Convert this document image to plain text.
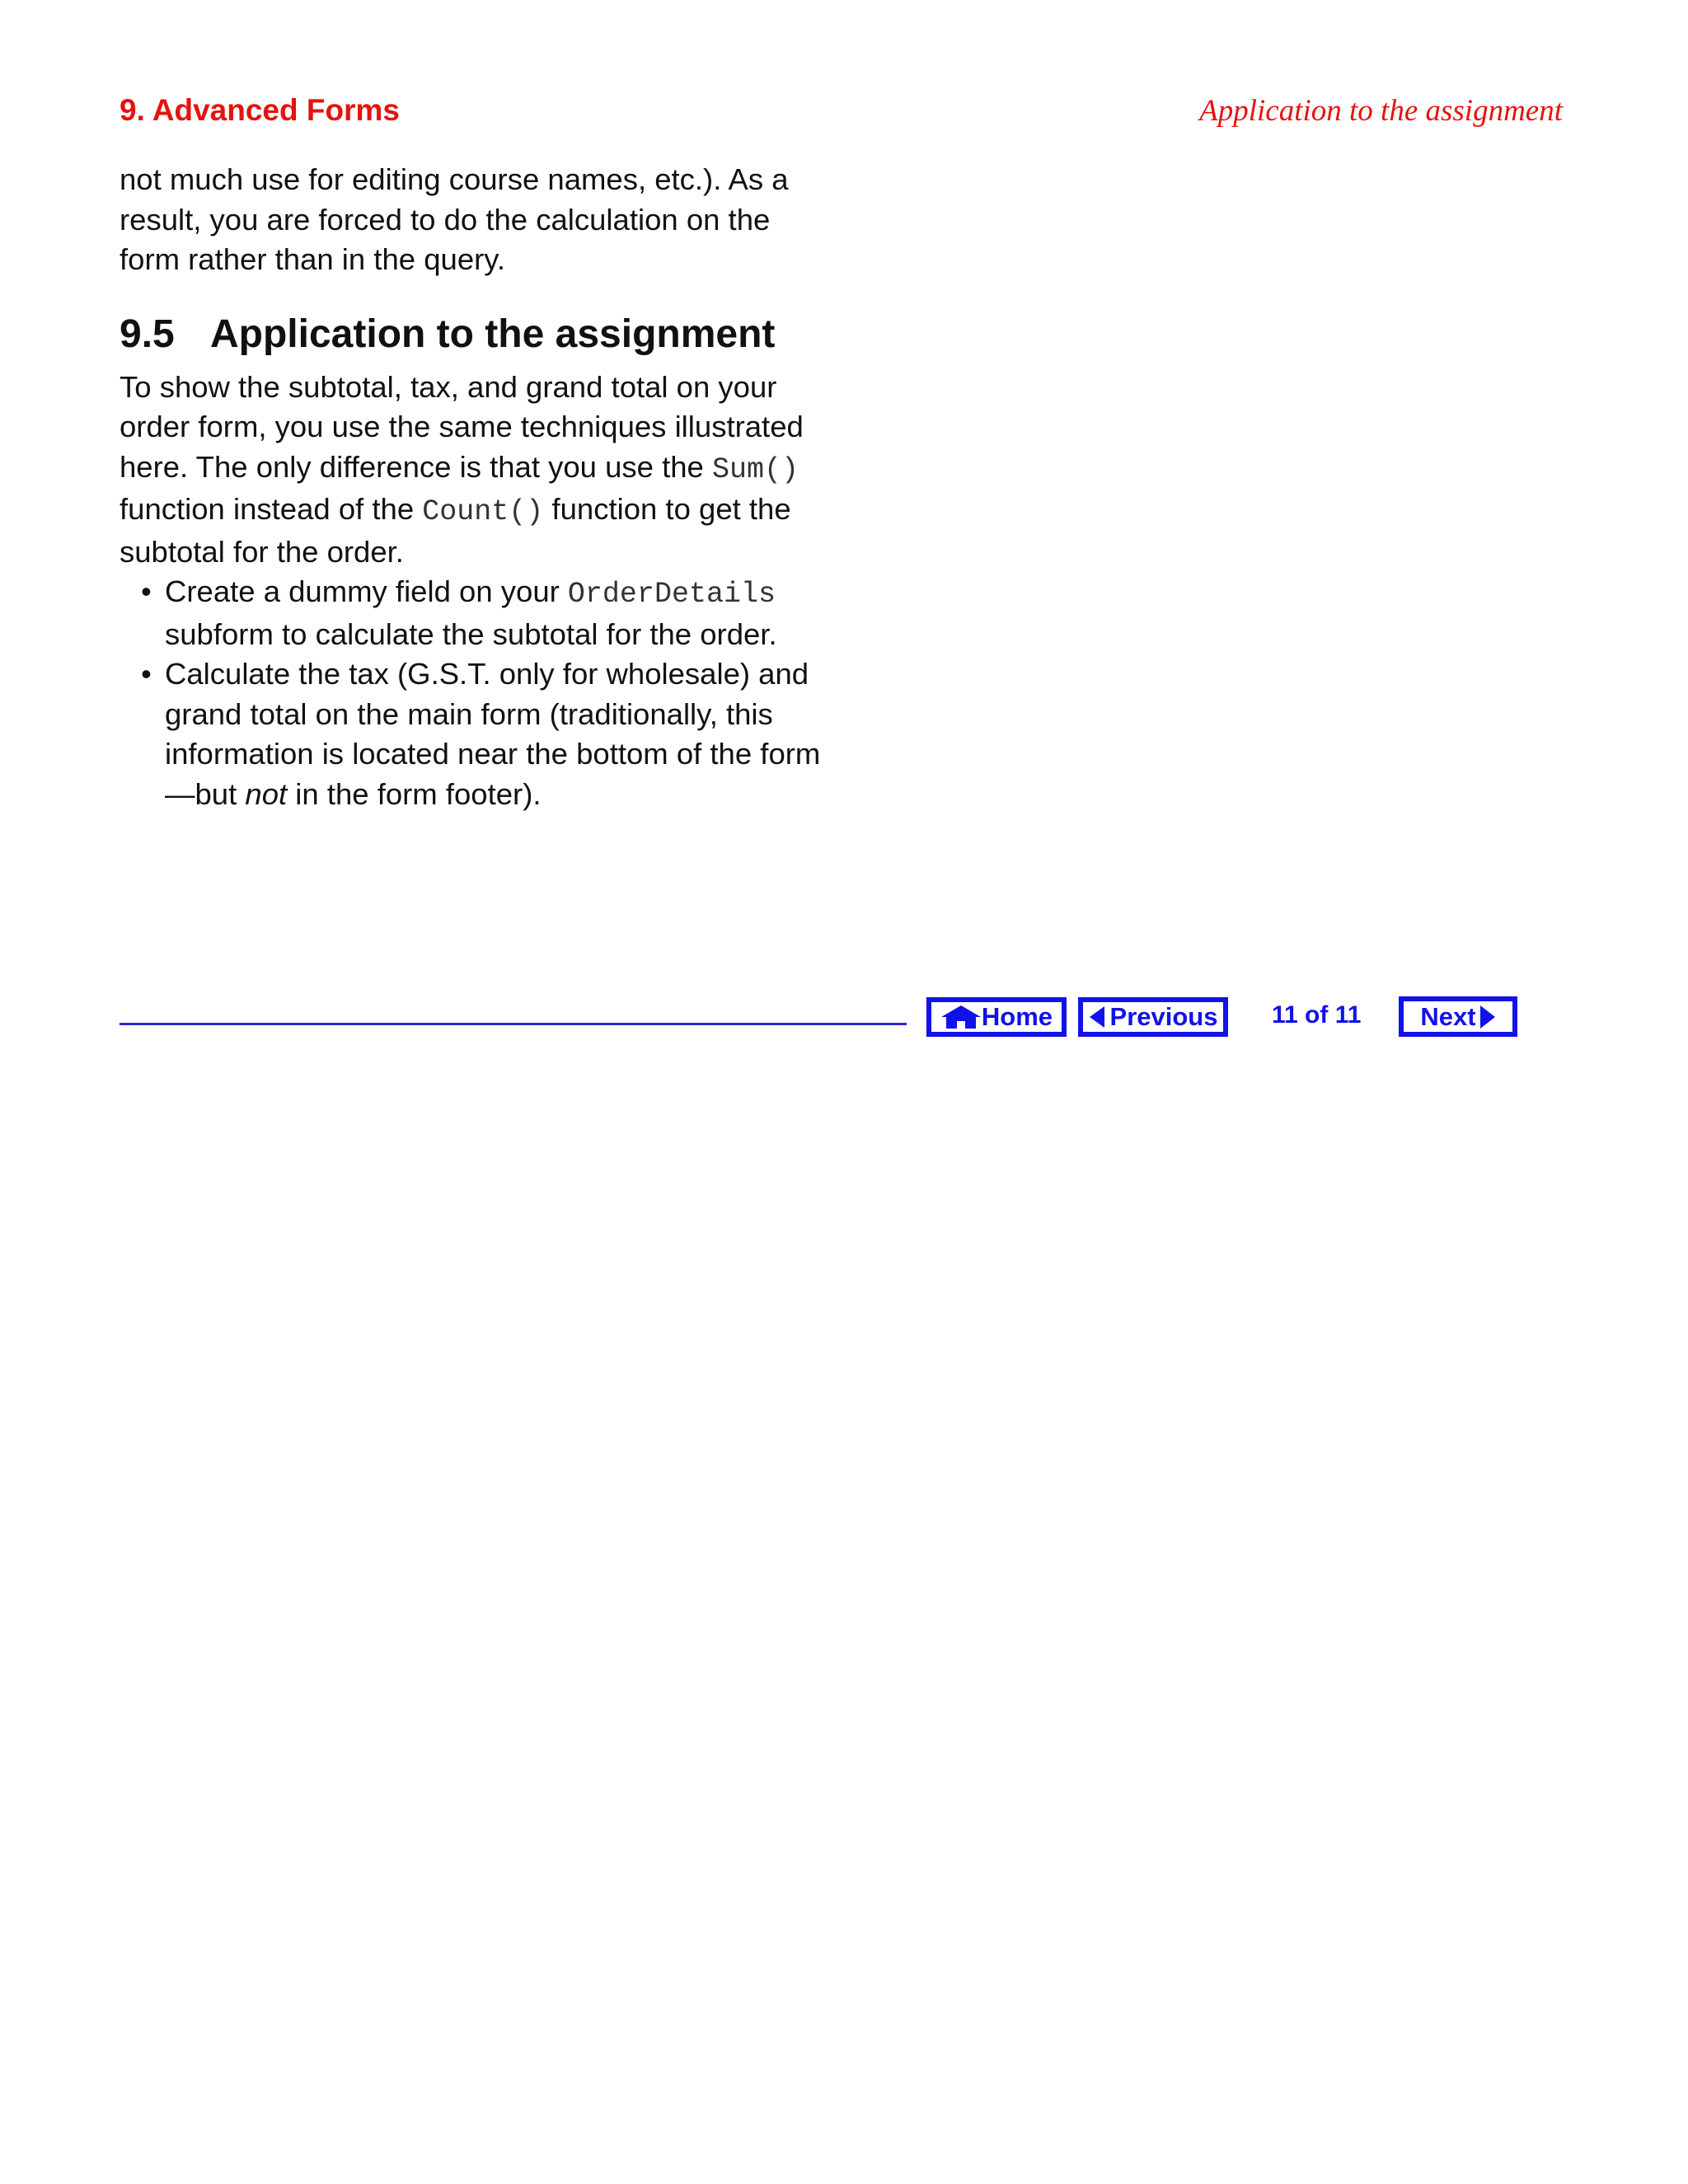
9. Advanced Forms	Application to the assignment

not much use for editing course names, etc.). As a result, you are forced to do the calculation on the form rather than in the query.

9.5 Application to the assignment

To show the subtotal, tax, and grand total on your order form, you use the same techniques illustrated here. The only difference is that you use the Sum() function instead of the Count() function to get the subtotal for the order.

• Create a dummy field on your OrderDetails subform to calculate the subtotal for the order.
• Calculate the tax (G.S.T. only for wholesale) and grand total on the main form (traditionally, this information is located near the bottom of the form—but not in the form footer).
Home Previous 11 of 11 Next
